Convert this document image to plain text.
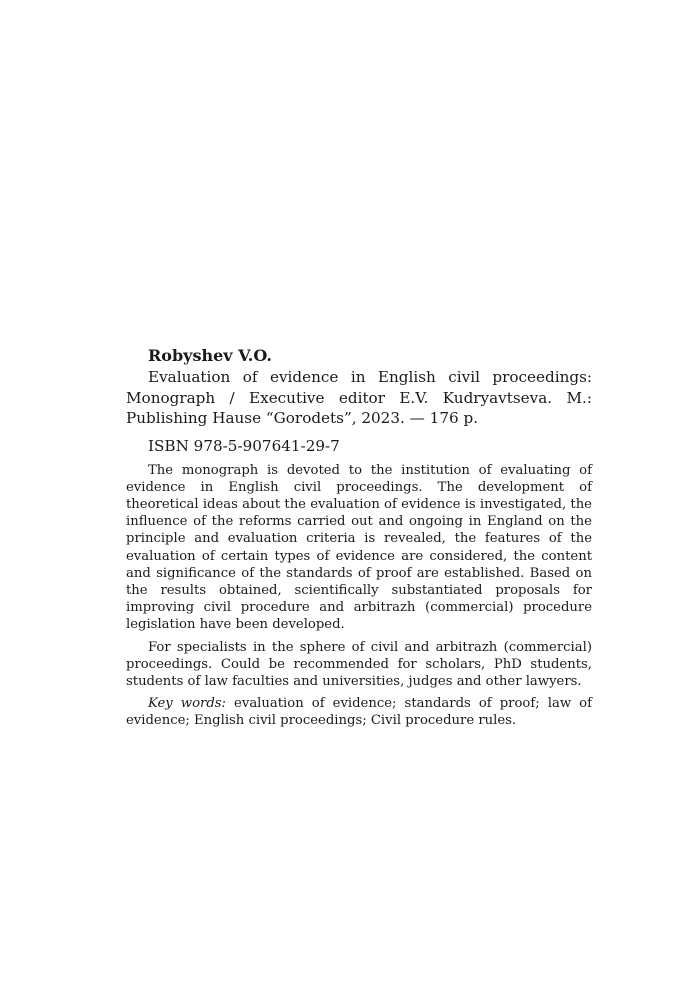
Robyshev V.O.

Evaluation of evidence in English civil proceedings: Monograph / Executive editor E.V. Kudryavtseva. M.: Publishing Hause “Gorodets”, 2023. — 176 p.

ISBN 978-5-907641-29-7

The monograph is devoted to the institution of evaluating of evidence in English civil proceedings. The development of theoretical ideas about the evaluation of evidence is investigated, the influence of the reforms carried out and ongoing in England on the principle and evaluation criteria is revealed, the features of the evaluation of certain types of evidence are considered, the content and significance of the standards of proof are established. Based on the results obtained, scientifically substantiated proposals for improving civil procedure and arbitrazh (commercial) procedure legislation have been developed.

For specialists in the sphere of civil and arbitrazh (commercial) proceedings. Could be recommended for scholars, PhD students, students of law faculties and universities, judges and other lawyers.

Key words: evaluation of evidence; standards of proof; law of evidence; English civil proceedings; Civil procedure rules.
